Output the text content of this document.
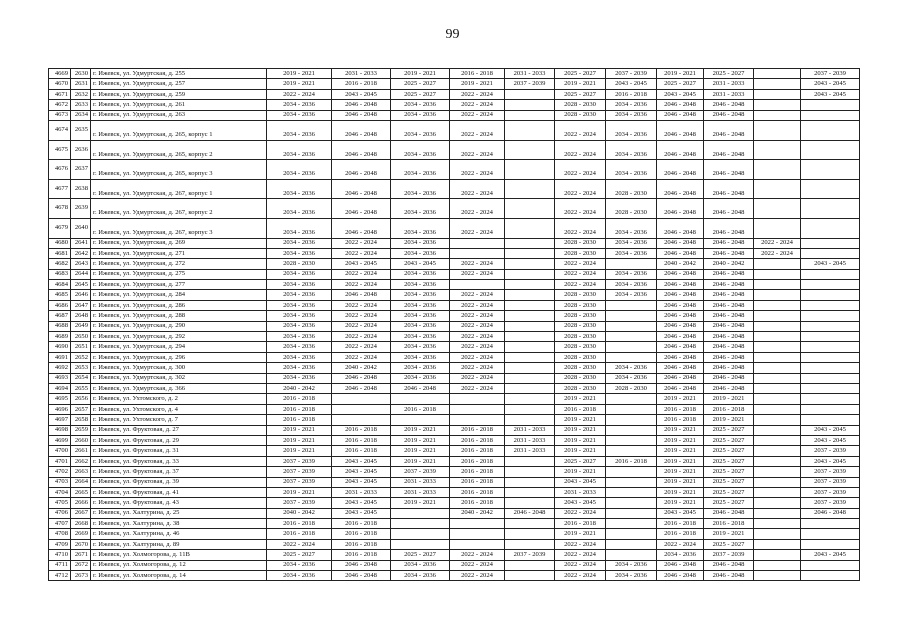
99
4669	2630	г. Ижевск, ул. Удмуртская, д. 255	2019 - 2021	2031 - 2033	2019 - 2021	2016 - 2018	2031 - 2033	2025 - 2027	2037 - 2039	2019 - 2021	2025 - 2027		2037 - 2039
4670	2631	г. Ижевск, ул. Удмуртская, д. 257	2019 - 2021	2016 - 2018	2025 - 2027	2019 - 2021	2037 - 2039	2019 - 2021	2043 - 2045	2025 - 2027	2031 - 2033		2043 - 2045
4671	2632	г. Ижевск, ул. Удмуртская, д. 259	2022 - 2024	2043 - 2045	2025 - 2027	2022 - 2024		2025 - 2027	2016 - 2018	2043 - 2045	2031 - 2033		2043 - 2045
4672	2633	г. Ижевск, ул. Удмуртская, д. 261	2034 - 2036	2046 - 2048	2034 - 2036	2022 - 2024		2028 - 2030	2034 - 2036	2046 - 2048	2046 - 2048		
4673	2634	г. Ижевск, ул. Удмуртская, д. 263	2034 - 2036	2046 - 2048	2034 - 2036	2022 - 2024		2028 - 2030	2034 - 2036	2046 - 2048	2046 - 2048		
4674	2635	г. Ижевск, ул. Удмуртская, д. 265, корпус 1	2034 - 2036	2046 - 2048	2034 - 2036	2022 - 2024		2022 - 2024	2034 - 2036	2046 - 2048	2046 - 2048		
4675	2636	г. Ижевск, ул. Удмуртская, д. 265, корпус 2	2034 - 2036	2046 - 2048	2034 - 2036	2022 - 2024		2022 - 2024	2034 - 2036	2046 - 2048	2046 - 2048		
4676	2637	г. Ижевск, ул. Удмуртская, д. 265, корпус 3	2034 - 2036	2046 - 2048	2034 - 2036	2022 - 2024		2022 - 2024	2034 - 2036	2046 - 2048	2046 - 2048		
4677	2638	г. Ижевск, ул. Удмуртская, д. 267, корпус 1	2034 - 2036	2046 - 2048	2034 - 2036	2022 - 2024		2022 - 2024	2028 - 2030	2046 - 2048	2046 - 2048		
4678	2639	г. Ижевск, ул. Удмуртская, д. 267, корпус 2	2034 - 2036	2046 - 2048	2034 - 2036	2022 - 2024		2022 - 2024	2028 - 2030	2046 - 2048	2046 - 2048		
4679	2640	г. Ижевск, ул. Удмуртская, д. 267, корпус 3	2034 - 2036	2046 - 2048	2034 - 2036	2022 - 2024		2022 - 2024	2034 - 2036	2046 - 2048	2046 - 2048		
4680	2641	г. Ижевск, ул. Удмуртская, д. 269	2034 - 2036	2022 - 2024	2034 - 2036			2028 - 2030	2034 - 2036	2046 - 2048	2046 - 2048	2022 - 2024	
4681	2642	г. Ижевск, ул. Удмуртская, д. 271	2034 - 2036	2022 - 2024	2034 - 2036			2028 - 2030	2034 - 2036	2046 - 2048	2046 - 2048	2022 - 2024	
4682	2643	г. Ижевск, ул. Удмуртская, д. 272	2028 - 2030	2043 - 2045	2043 - 2045	2022 - 2024		2022 - 2024		2040 - 2042	2040 - 2042		2043 - 2045
4683	2644	г. Ижевск, ул. Удмуртская, д. 275	2034 - 2036	2022 - 2024	2034 - 2036	2022 - 2024		2022 - 2024	2034 - 2036	2046 - 2048	2046 - 2048		
4684	2645	г. Ижевск, ул. Удмуртская, д. 277	2034 - 2036	2022 - 2024	2034 - 2036			2022 - 2024	2034 - 2036	2046 - 2048	2046 - 2048		
4685	2646	г. Ижевск, ул. Удмуртская, д. 284	2034 - 2036	2046 - 2048	2034 - 2036	2022 - 2024		2028 - 2030	2034 - 2036	2046 - 2048	2046 - 2048		
4686	2647	г. Ижевск, ул. Удмуртская, д. 286	2034 - 2036	2022 - 2024	2034 - 2036	2022 - 2024		2028 - 2030		2046 - 2048	2046 - 2048		
4687	2648	г. Ижевск, ул. Удмуртская, д. 288	2034 - 2036	2022 - 2024	2034 - 2036	2022 - 2024		2028 - 2030		2046 - 2048	2046 - 2048		
4688	2649	г. Ижевск, ул. Удмуртская, д. 290	2034 - 2036	2022 - 2024	2034 - 2036	2022 - 2024		2028 - 2030		2046 - 2048	2046 - 2048		
4689	2650	г. Ижевск, ул. Удмуртская, д. 292	2034 - 2036	2022 - 2024	2034 - 2036	2022 - 2024		2028 - 2030		2046 - 2048	2046 - 2048		
4690	2651	г. Ижевск, ул. Удмуртская, д. 294	2034 - 2036	2022 - 2024	2034 - 2036	2022 - 2024		2028 - 2030		2046 - 2048	2046 - 2048		
4691	2652	г. Ижевск, ул. Удмуртская, д. 296	2034 - 2036	2022 - 2024	2034 - 2036	2022 - 2024		2028 - 2030		2046 - 2048	2046 - 2048		
4692	2653	г. Ижевск, ул. Удмуртская, д. 300	2034 - 2036	2040 - 2042	2034 - 2036	2022 - 2024		2028 - 2030	2034 - 2036	2046 - 2048	2046 - 2048		
4693	2654	г. Ижевск, ул. Удмуртская, д. 302	2034 - 2036	2046 - 2048	2034 - 2036	2022 - 2024		2028 - 2030	2034 - 2036	2046 - 2048	2046 - 2048		
4694	2655	г. Ижевск, ул. Удмуртская, д. 366	2040 - 2042	2046 - 2048	2046 - 2048	2022 - 2024		2028 - 2030	2028 - 2030	2046 - 2048	2046 - 2048		
4695	2656	г. Ижевск, ул. Ухтомского, д. 2	2016 - 2018					2019 - 2021		2019 - 2021	2019 - 2021		
4696	2657	г. Ижевск, ул. Ухтомского, д. 4	2016 - 2018		2016 - 2018			2016 - 2018		2016 - 2018	2016 - 2018		
4697	2658	г. Ижевск, ул. Ухтомского, д. 7	2016 - 2018					2019 - 2021		2016 - 2018	2019 - 2021		
4698	2659	г. Ижевск, ул. Фруктовая, д. 27	2019 - 2021	2016 - 2018	2019 - 2021	2016 - 2018	2031 - 2033	2019 - 2021		2019 - 2021	2025 - 2027		2043 - 2045
4699	2660	г. Ижевск, ул. Фруктовая, д. 29	2019 - 2021	2016 - 2018	2019 - 2021	2016 - 2018	2031 - 2033	2019 - 2021		2019 - 2021	2025 - 2027		2043 - 2045
4700	2661	г. Ижевск, ул. Фруктовая, д. 31	2019 - 2021	2016 - 2018	2019 - 2021	2016 - 2018	2031 - 2033	2019 - 2021		2019 - 2021	2025 - 2027		2037 - 2039
4701	2662	г. Ижевск, ул. Фруктовая, д. 33	2037 - 2039	2043 - 2045	2019 - 2021	2016 - 2018		2025 - 2027	2016 - 2018	2019 - 2021	2025 - 2027		2043 - 2045
4702	2663	г. Ижевск, ул. Фруктовая, д. 37	2037 - 2039	2043 - 2045	2037 - 2039	2016 - 2018		2019 - 2021		2019 - 2021	2025 - 2027		2037 - 2039
4703	2664	г. Ижевск, ул. Фруктовая, д. 39	2037 - 2039	2043 - 2045	2031 - 2033	2016 - 2018		2043 - 2045		2019 - 2021	2025 - 2027		2037 - 2039
4704	2665	г. Ижевск, ул. Фруктовая, д. 41	2019 - 2021	2031 - 2033	2031 - 2033	2016 - 2018		2031 - 2033		2019 - 2021	2025 - 2027		2037 - 2039
4705	2666	г. Ижевск, ул. Фруктовая, д. 43	2037 - 2039	2043 - 2045	2019 - 2021	2016 - 2018		2043 - 2045		2019 - 2021	2025 - 2027		2037 - 2039
4706	2667	г. Ижевск, ул. Халтурина, д. 25	2040 - 2042	2043 - 2045		2040 - 2042	2046 - 2048	2022 - 2024		2043 - 2045	2046 - 2048		2046 - 2048
4707	2668	г. Ижевск, ул. Халтурина, д. 38	2016 - 2018	2016 - 2018				2016 - 2018		2016 - 2018	2016 - 2018		
4708	2669	г. Ижевск, ул. Халтурина, д. 46	2016 - 2018	2016 - 2018				2019 - 2021		2016 - 2018	2019 - 2021		
4709	2670	г. Ижевск, ул. Халтурина, д. 89	2022 - 2024	2016 - 2018				2022 - 2024		2022 - 2024	2025 - 2027		
4710	2671	г. Ижевск, ул. Холмогорова, д. 11В	2025 - 2027	2016 - 2018	2025 - 2027	2022 - 2024	2037 - 2039	2022 - 2024		2034 - 2036	2037 - 2039		2043 - 2045
4711	2672	г. Ижевск, ул. Холмогорова, д. 12	2034 - 2036	2046 - 2048	2034 - 2036	2022 - 2024		2022 - 2024	2034 - 2036	2046 - 2048	2046 - 2048		
4712	2673	г. Ижевск, ул. Холмогорова, д. 14	2034 - 2036	2046 - 2048	2034 - 2036	2022 - 2024		2022 - 2024	2034 - 2036	2046 - 2048	2046 - 2048		
